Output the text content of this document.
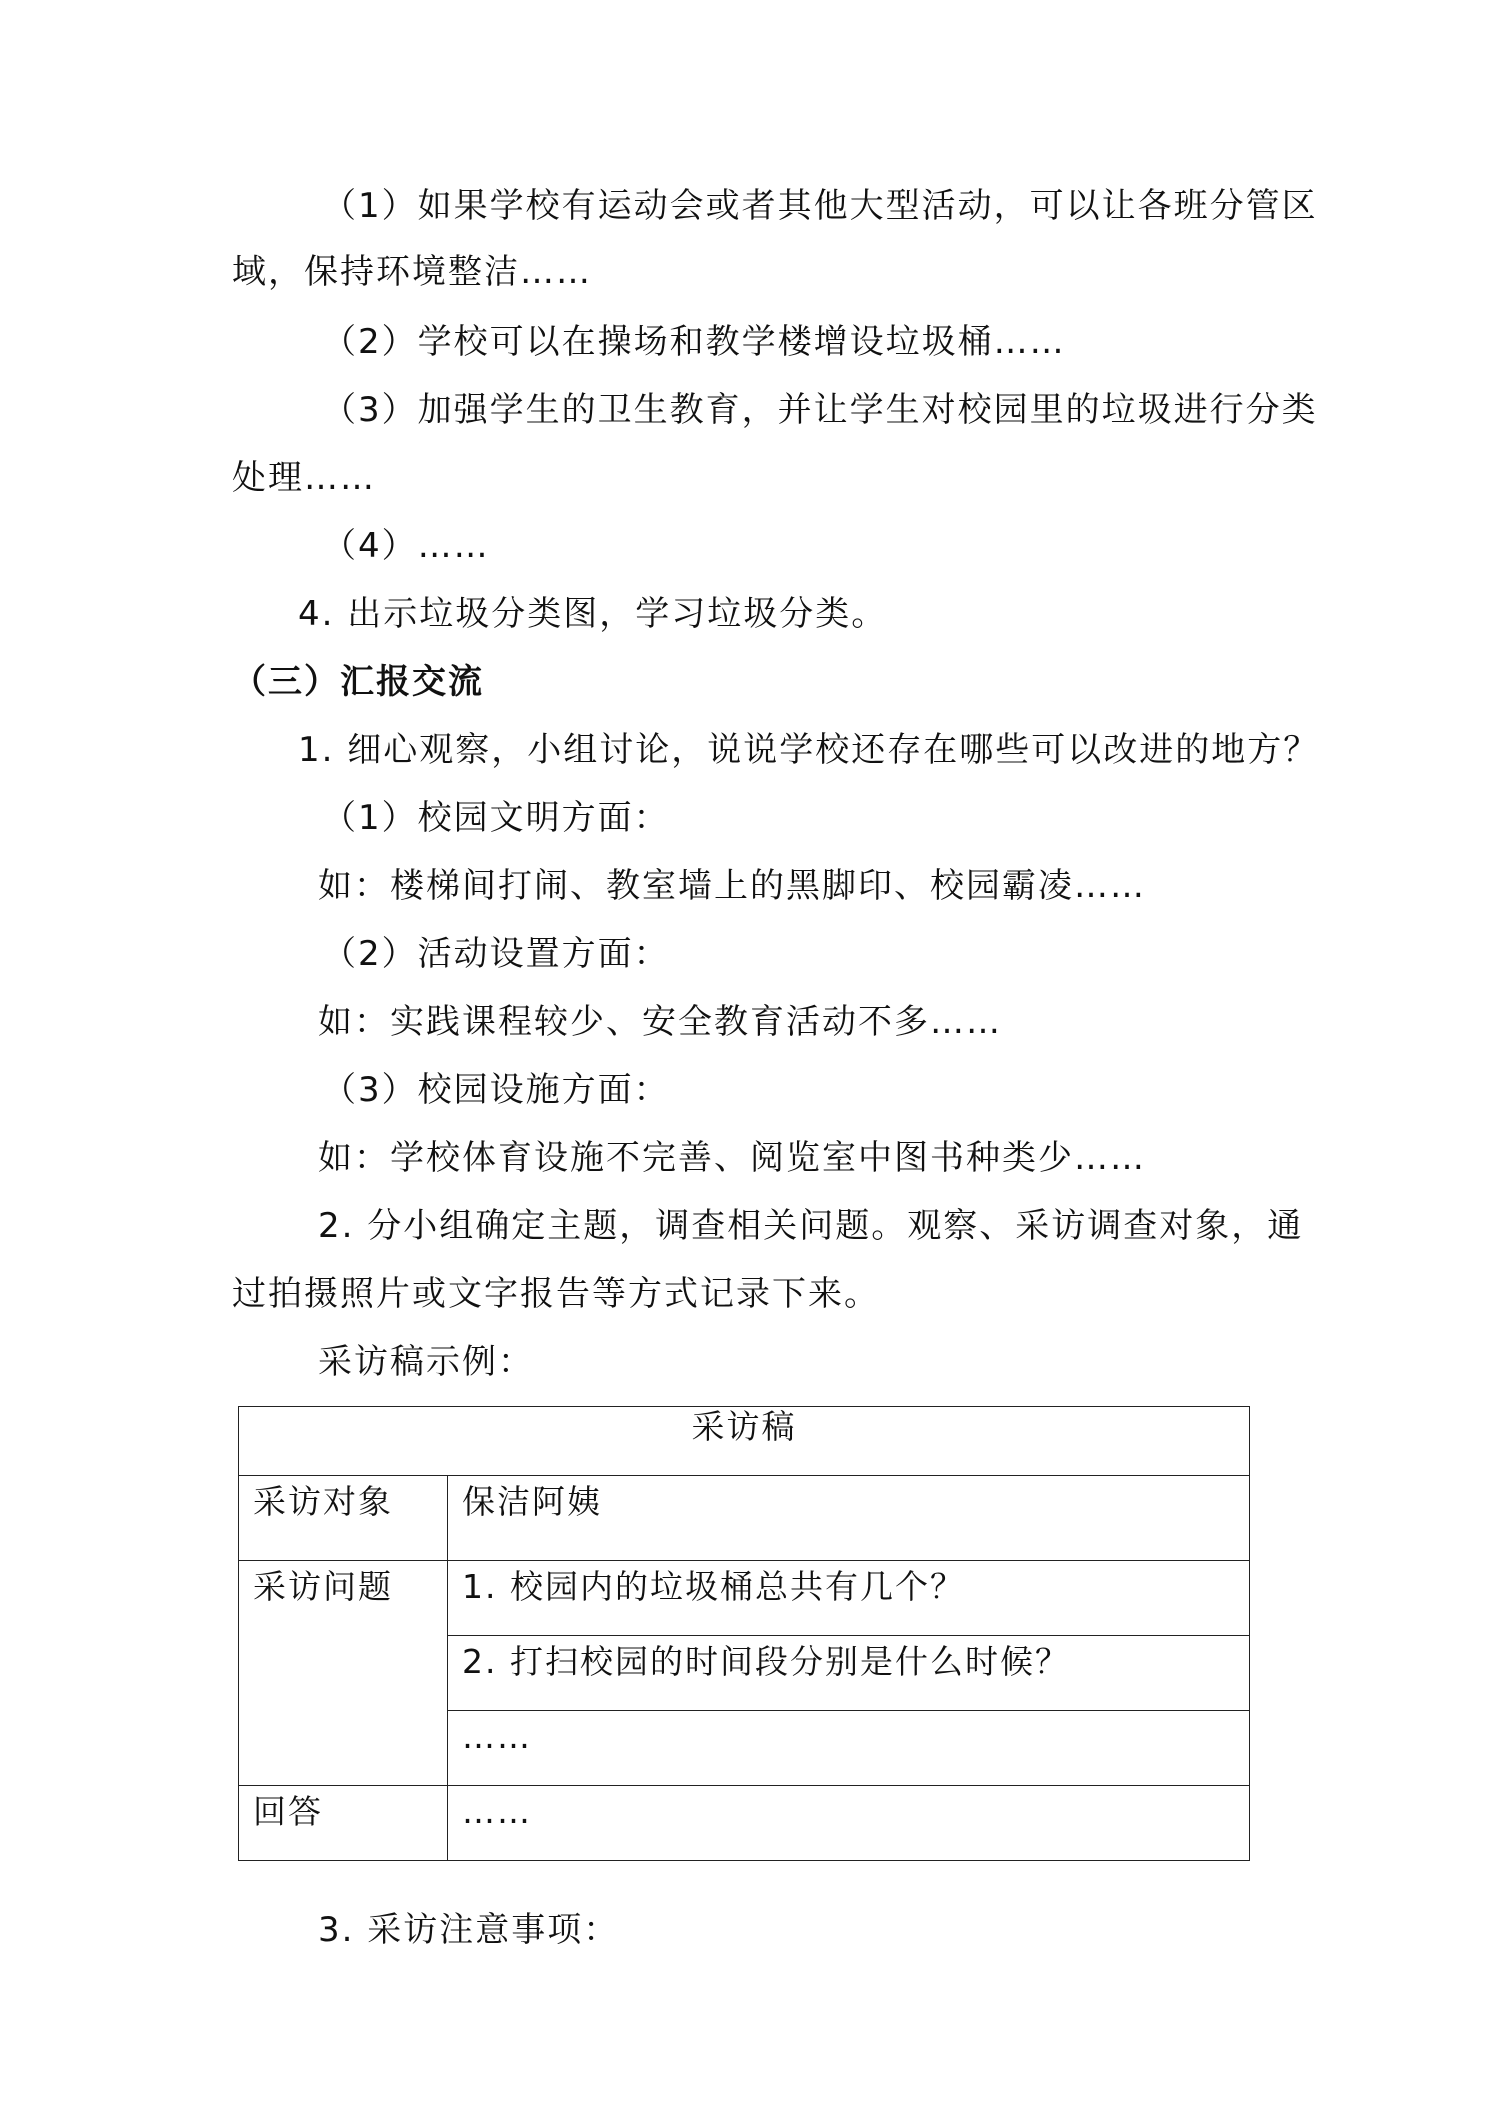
（1）如果学校有运动会或者其他大型活动，可以让各班分管区
域，保持环境整洁……
（2）学校可以在操场和教学楼增设垃圾桶……
（3）加强学生的卫生教育，并让学生对校园里的垃圾进行分类
处理……
（4）……
4. 出示垃圾分类图，学习垃圾分类。
（三）汇报交流
1. 细心观察，小组讨论，说说学校还存在哪些可以改进的地方？
（1）校园文明方面：
如：楼梯间打闹、教室墙上的黑脚印、校园霸凌……
（2）活动设置方面：
如：实践课程较少、安全教育活动不多……
（3）校园设施方面：
如：学校体育设施不完善、阅览室中图书种类少……
2. 分小组确定主题，调查相关问题。观察、采访调查对象，通
过拍摄照片或文字报告等方式记录下来。
采访稿示例：
采访稿	
采访对象	保洁阿姨
采访问题	1. 校园内的垃圾桶总共有几个？
	2. 打扫校园的时间段分别是什么时候？
	……
回答	……
3. 采访注意事项：
